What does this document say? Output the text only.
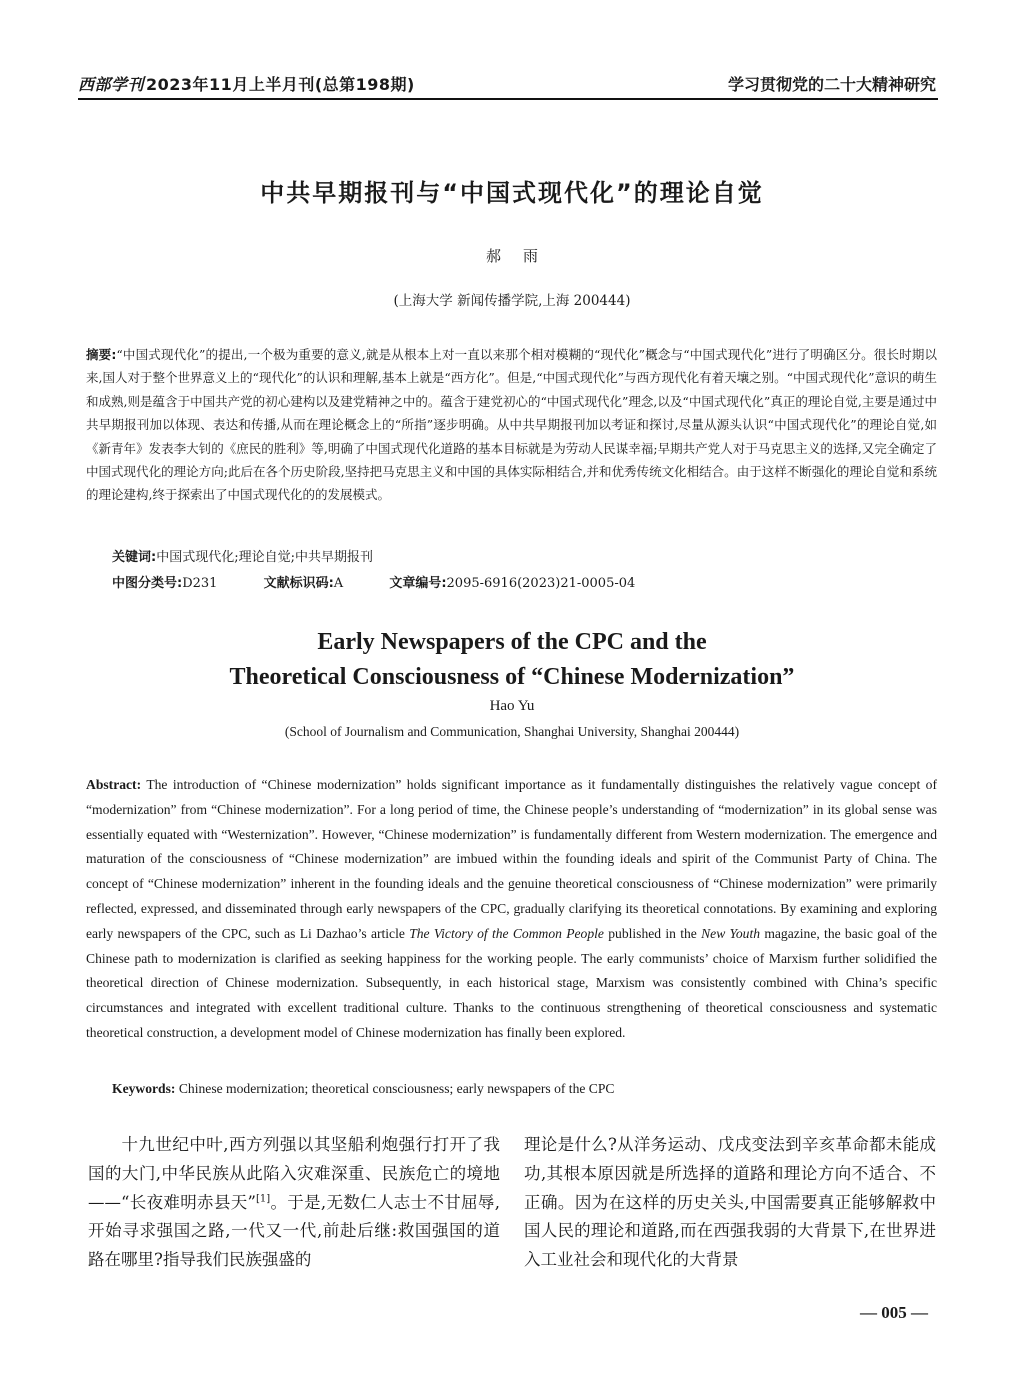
西部学刊 2023年11月上半月刊(总第198期)	学习贯彻党的二十大精神研究
中共早期报刊与“中国式现代化”的理论自觉
郝雨
(上海大学 新闻传播学院,上海 200444)
摘要:“中国式现代化”的提出,一个极为重要的意义,就是从根本上对一直以来那个相对模糊的“现代化”概念与“中国式现代化”进行了明确区分。很长时期以来,国人对于整个世界意义上的“现代化”的认识和理解,基本上就是“西方化”。但是,“中国式现代化”与西方现代化有着天壤之别。“中国式现代化”意识的萌生和成熟,则是蕴含于中国共产党的初心建构以及建党精神之中的。蕴含于建党初心的“中国式现代化”理念,以及“中国式现代化”真正的理论自觉,主要是通过中共早期报刊加以体现、表达和传播,从而在理论概念上的“所指”逐步明确。从中共早期报刊加以考证和探讨,尽量从源头认识“中国式现代化”的理论自觉,如《新青年》发表李大钊的《庶民的胜利》等,明确了中国式现代化道路的基本目标就是为劳动人民谋幸福;早期共产党人对于马克思主义的选择,又完全确定了中国式现代化的理论方向;此后在各个历史阶段,坚持把马克思主义和中国的具体实际相结合,并和优秀传统文化相结合。由于这样不断强化的理论自觉和系统的理论建构,终于探索出了中国式现代化的的发展模式。
关键词:中国式现代化;理论自觉;中共早期报刊
中图分类号:D231	文献标识码:A	文章编号:2095-6916(2023)21-0005-04
Early Newspapers of the CPC and the
Theoretical Consciousness of “Chinese Modernization”
Hao Yu
(School of Journalism and Communication, Shanghai University, Shanghai 200444)
Abstract: The introduction of “Chinese modernization” holds significant importance as it fundamentally distinguishes the relatively vague concept of “modernization” from “Chinese modernization”. For a long period of time, the Chinese people’s understanding of “modernization” in its global sense was essentially equated with “Westernization”. However, “Chinese modernization” is fundamentally different from Western modernization. The emergence and maturation of the consciousness of “Chinese modernization” are imbued within the founding ideals and spirit of the Communist Party of China. The concept of “Chinese modernization” inherent in the founding ideals and the genuine theoretical consciousness of “Chinese modernization” were primarily reflected, expressed, and disseminated through early newspapers of the CPC, gradually clarifying its theoretical connotations. By examining and exploring early newspapers of the CPC, such as Li Dazhao’s article The Victory of the Common People published in the New Youth magazine, the basic goal of the Chinese path to modernization is clarified as seeking happiness for the working people. The early communists’ choice of Marxism further solidified the theoretical direction of Chinese modernization. Subsequently, in each historical stage, Marxism was consistently combined with China’s specific circumstances and integrated with excellent traditional culture. Thanks to the continuous strengthening of theoretical consciousness and systematic theoretical construction, a development model of Chinese modernization has finally been explored.
Keywords: Chinese modernization; theoretical consciousness; early newspapers of the CPC
十九世纪中叶,西方列强以其坚船利炮强行打开了我国的大门,中华民族从此陷入灾难深重、民族危亡的境地——“长夜难明赤县天”[1]。于是,无数仁人志士不甘屈辱,开始寻求强国之路,一代又一代,前赴后继:救国强国的道路在哪里?指导我们民族强盛的
理论是什么?从洋务运动、戊戌变法到辛亥革命都未能成功,其根本原因就是所选择的道路和理论方向不适合、不正确。因为在这样的历史关头,中国需要真正能够解救中国人民的理论和道路,而在西强我弱的大背景下,在世界进入工业社会和现代化的大背景
— 005 —
